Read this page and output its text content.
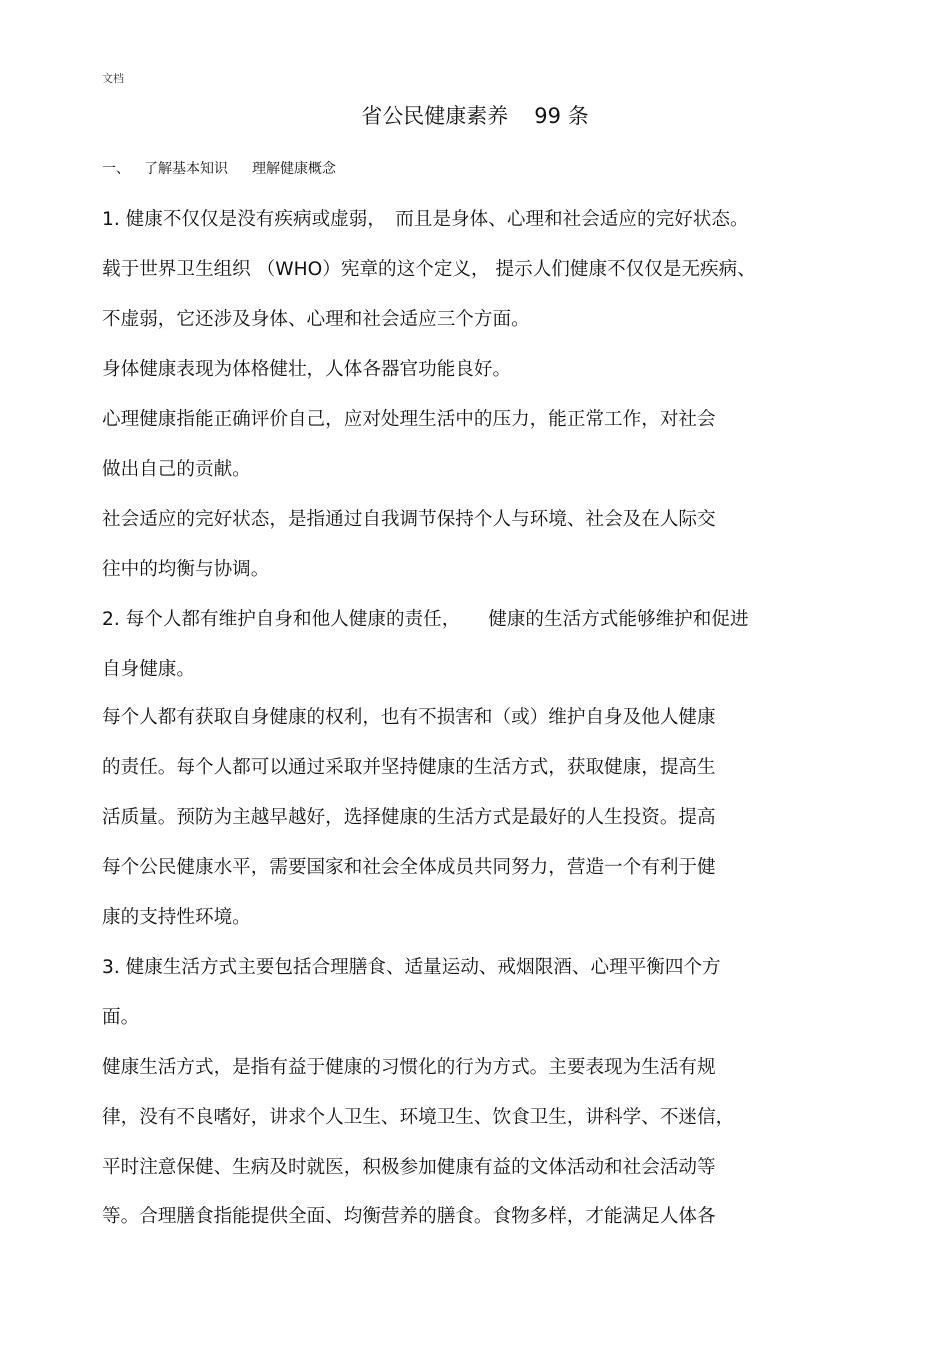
文档
省公民健康素养 99 条
一、 了解基本知识 理解健康概念
1. 健康不仅仅是没有疾病或虚弱，　而且是身体、心理和社会适应的完好状态。
载于世界卫生组织 （WHO）宪章的这个定义， 提示人们健康不仅仅是无疾病、
不虚弱，它还涉及身体、心理和社会适应三个方面。
身体健康表现为体格健壮，人体各器官功能良好。
心理健康指能正确评价自己，应对处理生活中的压力，能正常工作，对社会
做出自己的贡献。
社会适应的完好状态，是指通过自我调节保持个人与环境、社会及在人际交
往中的均衡与协调。
2. 每个人都有维护自身和他人健康的责任，　　健康的生活方式能够维护和促进
自身健康。
每个人都有获取自身健康的权利，也有不损害和（或）维护自身及他人健康
的责任。每个人都可以通过采取并坚持健康的生活方式，获取健康，提高生
活质量。预防为主越早越好，选择健康的生活方式是最好的人生投资。提高
每个公民健康水平，需要国家和社会全体成员共同努力，营造一个有利于健
康的支持性环境。
3. 健康生活方式主要包括合理膳食、适量运动、戒烟限酒、心理平衡四个方
面。
健康生活方式，是指有益于健康的习惯化的行为方式。主要表现为生活有规
律，没有不良嗜好，讲求个人卫生、环境卫生、饮食卫生，讲科学、不迷信，
平时注意保健、生病及时就医，积极参加健康有益的文体活动和社会活动等
等。合理膳食指能提供全面、均衡营养的膳食。食物多样，才能满足人体各
